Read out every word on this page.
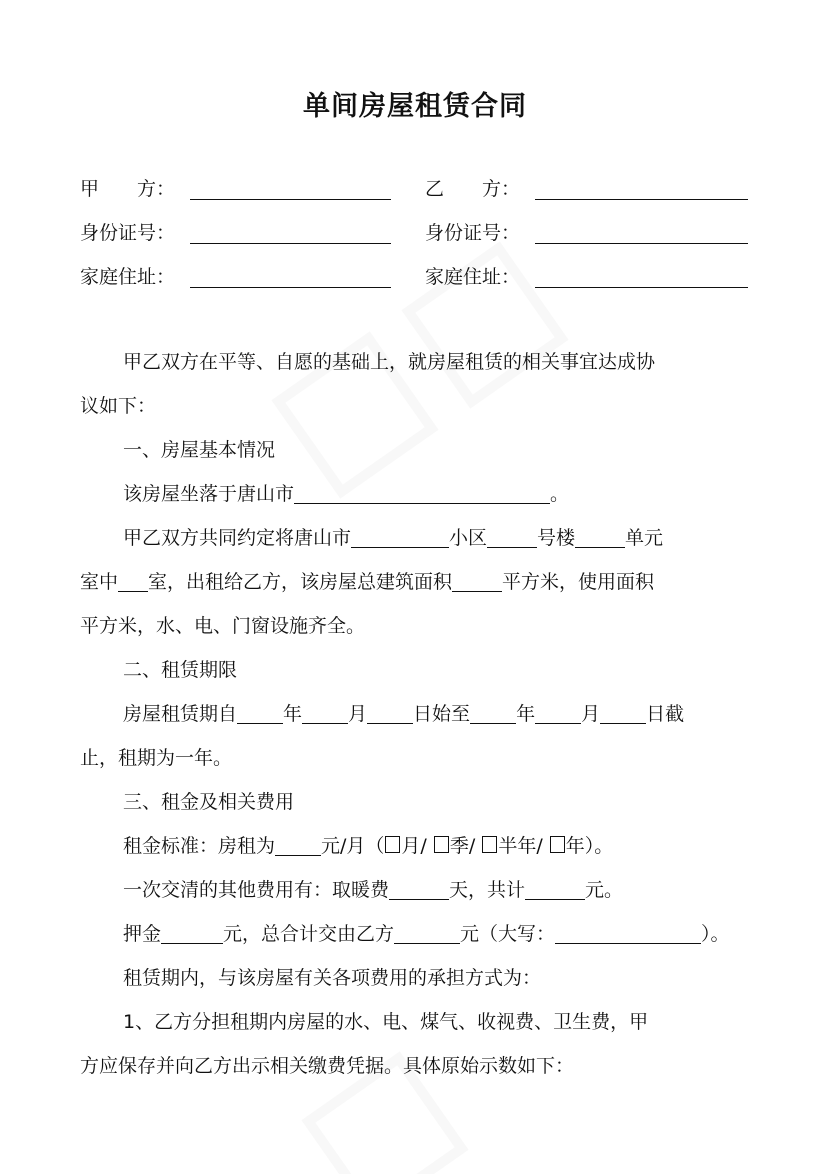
单间房屋租赁合同
甲　　方：	乙　　方：
身份证号：	身份证号：
家庭住址：	家庭住址：
甲乙双方在平等、自愿的基础上，就房屋租赁的相关事宜达成协
议如下：
一、房屋基本情况
该房屋坐落于唐山市	。
甲乙双方共同约定将唐山市	小区	号楼	单元
室中 室，出租给乙方，该房屋总建筑面积	平方米，使用面积
平方米，水、电、门窗设施齐全。
二、租赁期限
房屋租赁期自 年 月 日始至 年 月 日截
止，租期为一年。
三、租金及相关费用
租金标准：房租为 元/月（ 月/ 季/ 半年/ 年）。
一次交清的其他费用有：取暖费	天，共计	元。
押金	元，总合计交由乙方	元（大写：	）。
租赁期内，与该房屋有关各项费用的承担方式为：
1、乙方分担租期内房屋的水、电、煤气、收视费、卫生费，甲
方应保存并向乙方出示相关缴费凭据。具体原始示数如下：
